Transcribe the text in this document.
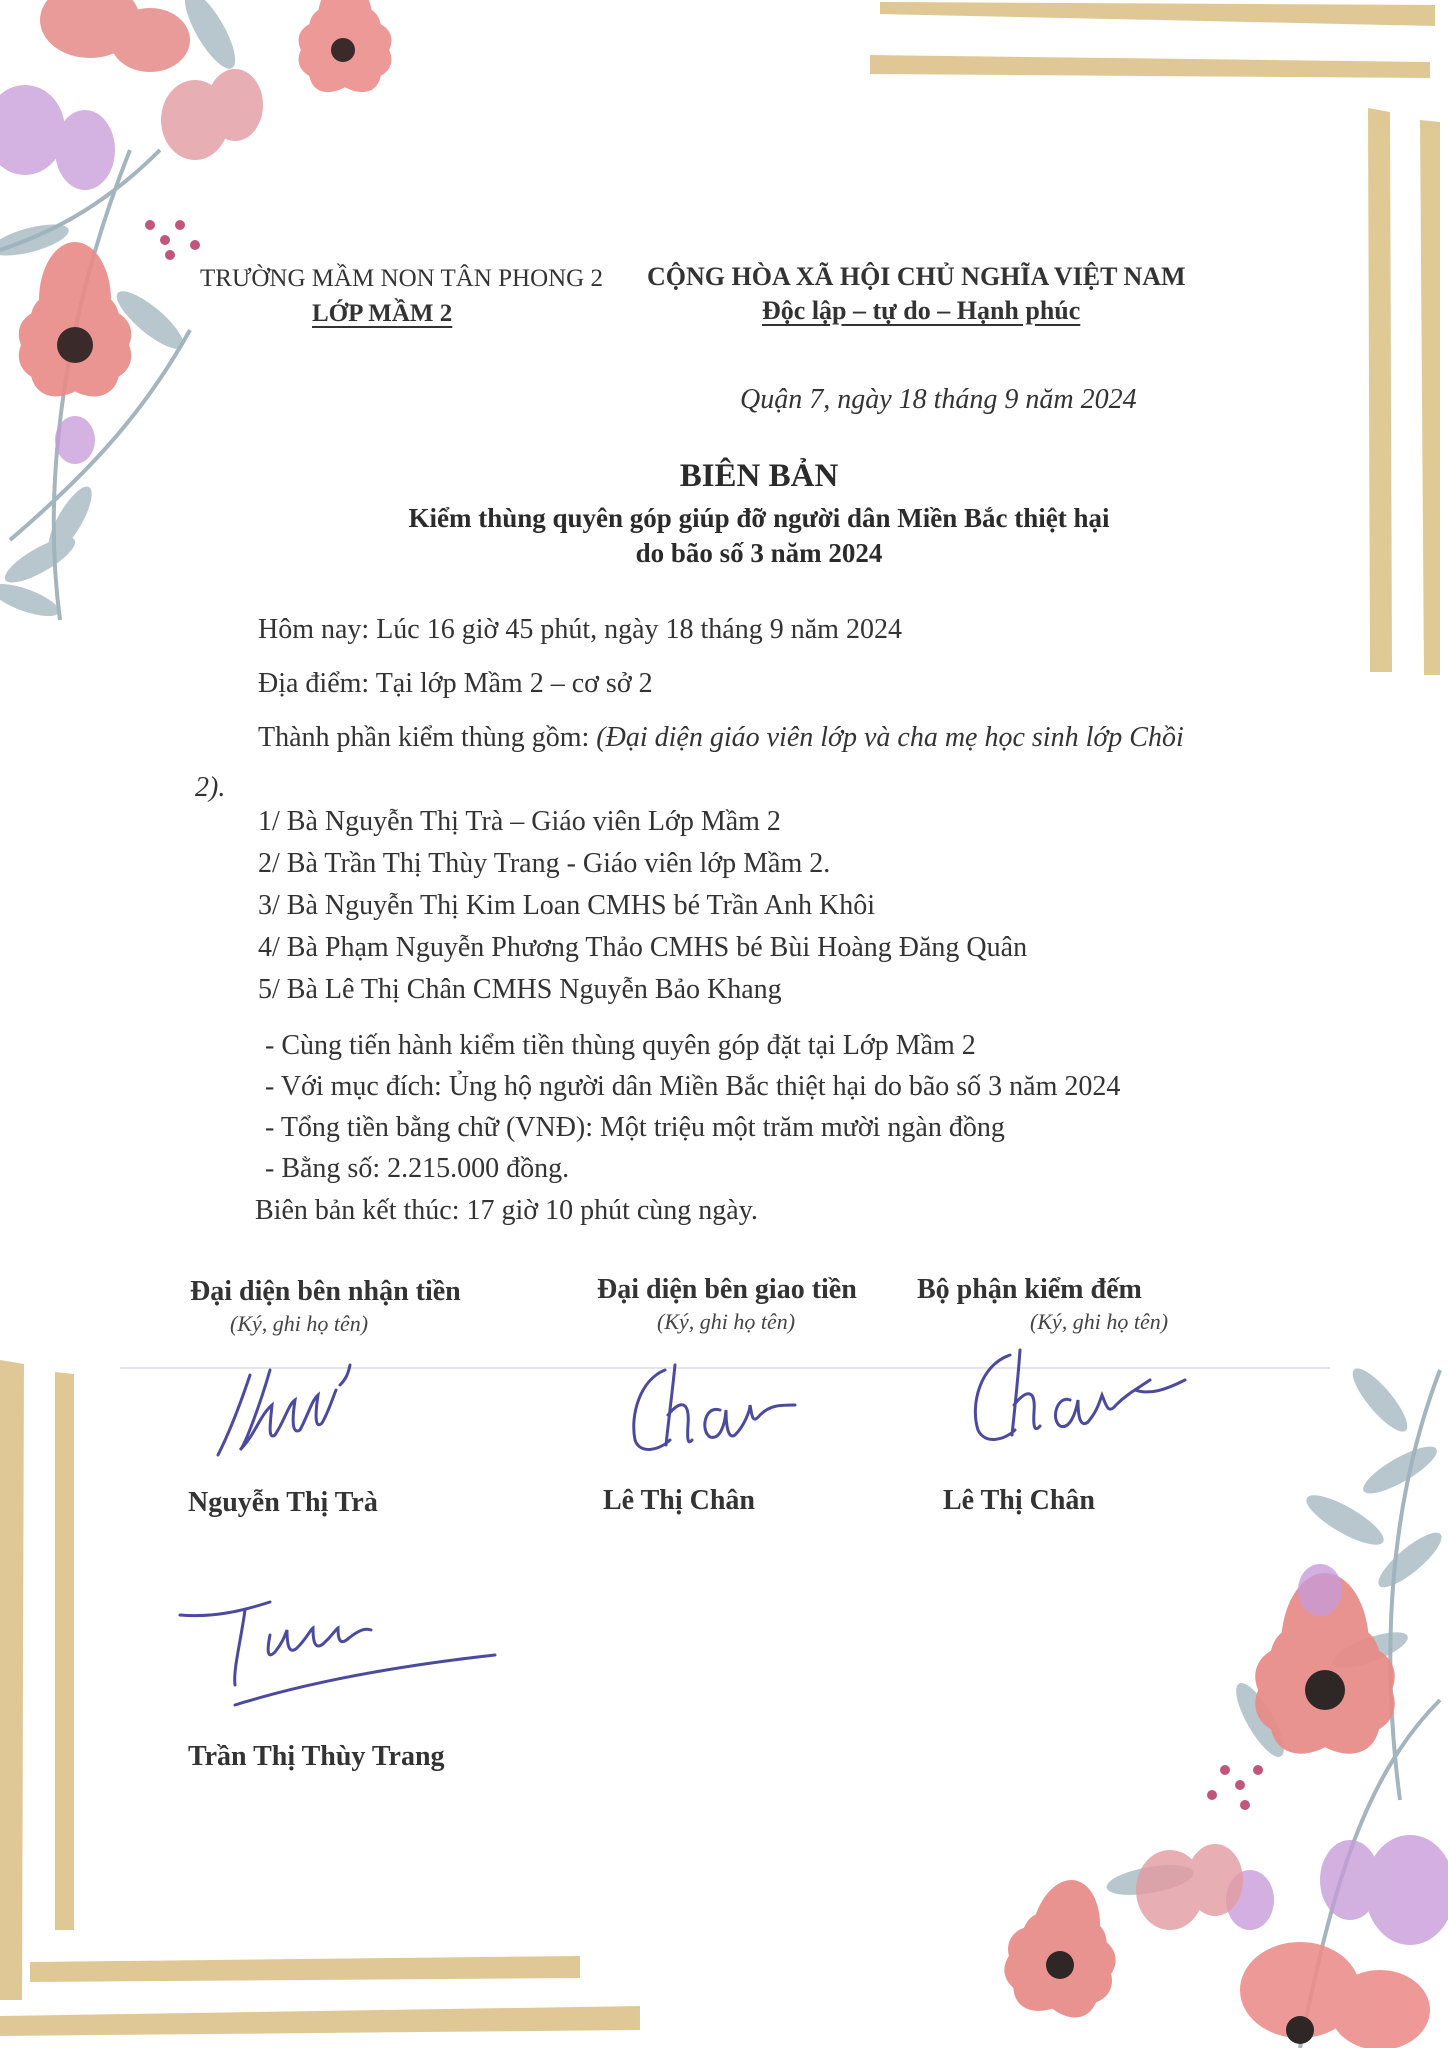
TRƯỜNG MẦM NON TÂN PHONG 2
LỚP MẦM 2
CỘNG HÒA XÃ HỘI CHỦ NGHĨA VIỆT NAM
Độc lập – tự do – Hạnh phúc
Quận 7, ngày 18 tháng 9 năm 2024
BIÊN BẢN
Kiểm thùng quyên góp giúp đỡ người dân Miền Bắc thiệt hại
do bão số 3 năm 2024
Hôm nay: Lúc 16 giờ 45 phút, ngày 18 tháng 9 năm 2024
Địa điểm: Tại lớp Mầm 2 – cơ sở 2
Thành phần kiểm thùng gồm: (Đại diện giáo viên lớp và cha mẹ học sinh lớp Chồi
2).
1/ Bà Nguyễn Thị Trà – Giáo viên Lớp Mầm 2
2/ Bà Trần Thị Thùy Trang - Giáo viên lớp Mầm 2.
3/ Bà Nguyễn Thị Kim Loan CMHS bé Trần Anh Khôi
4/ Bà Phạm Nguyễn Phương Thảo CMHS bé Bùi Hoàng Đăng Quân
5/ Bà Lê Thị Chân CMHS Nguyễn Bảo Khang
- Cùng tiến hành kiểm tiền thùng quyên góp đặt tại Lớp Mầm 2
- Với mục đích: Ủng hộ người dân Miền Bắc thiệt hại do bão số 3 năm 2024
- Tổng tiền bằng chữ (VNĐ): Một triệu một trăm mười ngàn đồng
- Bằng số: 2.215.000 đồng.
Biên bản kết thúc: 17 giờ 10 phút cùng ngày.
Đại diện bên nhận tiền
(Ký, ghi họ tên)
Đại diện bên giao tiền
(Ký, ghi họ tên)
Bộ phận kiểm đếm
(Ký, ghi họ tên)
Nguyễn Thị Trà	Lê Thị Chân	Lê Thị Chân
Trần Thị Thùy Trang
